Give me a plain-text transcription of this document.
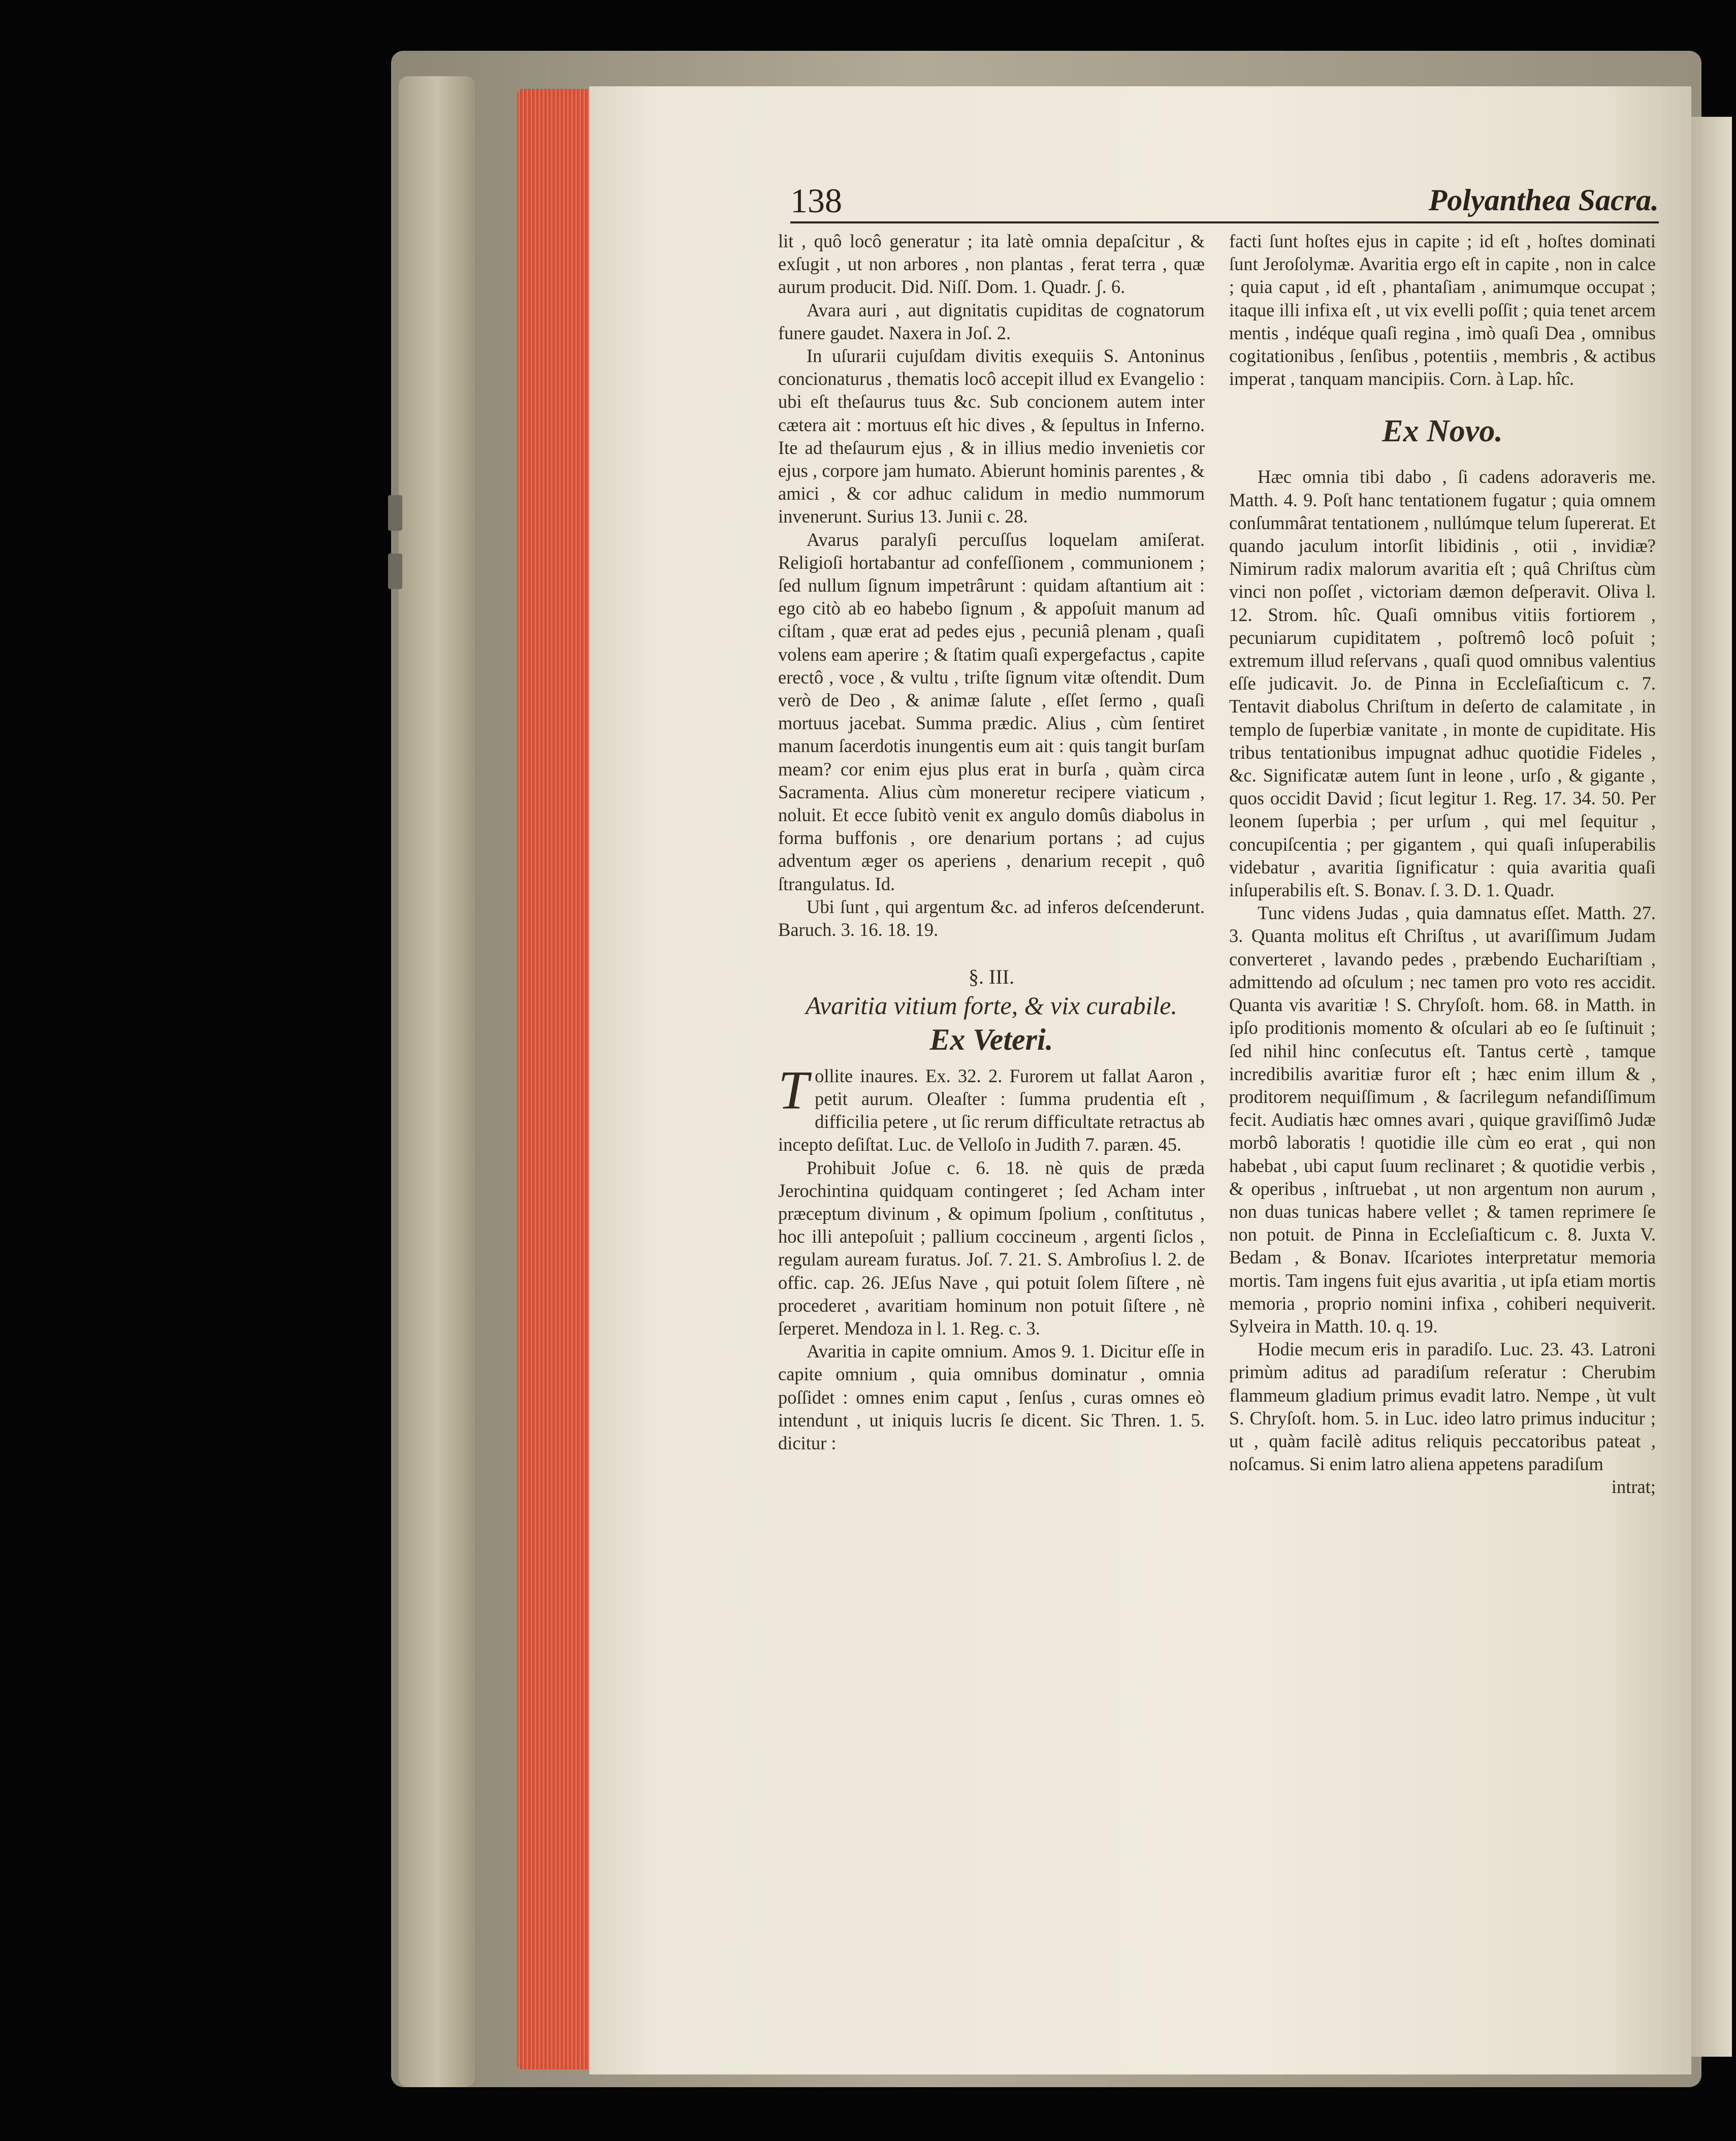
138	Polyanthea Sacra.

lit , quô locô generatur ; ita latè omnia depaſcitur , & exſugit , ut non arbores , non plantas , ferat terra , quæ aurum producit. Did. Niſſ. Dom. 1. Quadr. ʃ. 6.

Avara auri , aut dignitatis cupiditas de cognatorum funere gaudet. Naxera in Joſ. 2.

In uſurarii cujuſdam divitis exequiis S. Antoninus concionaturus , thematis locô accepit illud ex Evangelio : ubi eſt theſaurus tuus &c. Sub concionem autem inter cætera ait : mortuus eſt hic dives , & ſepultus in Inferno. Ite ad theſaurum ejus , & in illius medio invenietis cor ejus , corpore jam humato. Abierunt hominis parentes , & amici , & cor adhuc calidum in medio nummorum invenerunt. Surius 13. Junii c. 28.

Avarus paralyſi percuſſus loquelam amiſerat. Religioſi hortabantur ad confeſſionem , communionem ; ſed nullum ſignum impetrârunt : quidam aſtantium ait : ego citò ab eo habebo ſignum , & appoſuit manum ad ciſtam , quæ erat ad pedes ejus , pecuniâ plenam , quaſi volens eam aperire ; & ſtatim quaſi expergefactus , capite erectô , voce , & vultu , triſte ſignum vitæ oſtendit. Dum verò de Deo , & animæ ſalute , eſſet ſermo , quaſi mortuus jacebat. Summa prædic. Alius , cùm ſentiret manum ſacerdotis inungentis eum ait : quis tangit burſam meam? cor enim ejus plus erat in burſa , quàm circa Sacramenta. Alius cùm moneretur recipere viaticum , noluit. Et ecce ſubitò venit ex angulo domûs diabolus in forma buffonis , ore denarium portans ; ad cujus adventum æger os aperiens , denarium recepit , quô ſtrangulatus. Id.

Ubi ſunt , qui argentum &c. ad inferos deſcenderunt. Baruch. 3. 16. 18. 19.

§. III.
Avaritia vitium forte, & vix curabile.
Ex Veteri.

Tollite inaures. Ex. 32. 2. Furorem ut fallat Aaron , petit aurum. Oleaſter : ſumma prudentia eſt , difficilia petere , ut ſic rerum difficultate retractus ab incepto deſiſtat. Luc. de Velloſo in Judith 7. paræn. 45.

Prohibuit Joſue c. 6. 18. nè quis de præda Jerochintina quidquam contingeret ; ſed Acham inter præceptum divinum , & opimum ſpolium , conſtitutus , hoc illi antepoſuit ; pallium coccineum , argenti ſiclos , regulam auream furatus. Joſ. 7. 21. S. Ambroſius l. 2. de offic. cap. 26. JEſus Nave , qui potuit ſolem ſiſtere , nè procederet , avaritiam hominum non potuit ſiſtere , nè ſerperet. Mendoza in l. 1. Reg. c. 3.

Avaritia in capite omnium. Amos 9. 1. Dicitur eſſe in capite omnium , quia omnibus dominatur , omnia poſſidet : omnes enim caput , ſenſus , curas omnes eò intendunt , ut iniquis lucris ſe dicent. Sic Thren. 1. 5. dicitur :

facti ſunt hoſtes ejus in capite ; id eſt , hoſtes dominati ſunt Jeroſolymæ. Avaritia ergo eſt in capite , non in calce ; quia caput , id eſt , phantaſiam , animumque occupat ; itaque illi infixa eſt , ut vix evelli poſſit ; quia tenet arcem mentis , indéque quaſi regina , imò quaſi Dea , omnibus cogitationibus , ſenſibus , potentiis , membris , & actibus imperat , tanquam mancipiis. Corn. à Lap. hîc.

Ex Novo.

Hæc omnia tibi dabo , ſi cadens adoraveris me. Matth. 4. 9. Poſt hanc tentationem fugatur ; quia omnem conſummârat tentationem , nullúmque telum ſupererat. Et quando jaculum intorſit libidinis , otii , invidiæ? Nimirum radix malorum avaritia eſt ; quâ Chriſtus cùm vinci non poſſet , victoriam dæmon deſperavit. Oliva l. 12. Strom. hîc. Quaſi omnibus vitiis fortiorem , pecuniarum cupiditatem , poſtremô locô poſuit ; extremum illud reſervans , quaſi quod omnibus valentius eſſe judicavit. Jo. de Pinna in Eccleſiaſticum c. 7. Tentavit diabolus Chriſtum in deſerto de calamitate , in templo de ſuperbiæ vanitate , in monte de cupiditate. His tribus tentationibus impugnat adhuc quotidie Fideles , &c. Significatæ autem ſunt in leone , urſo , & gigante , quos occidit David ; ſicut legitur 1. Reg. 17. 34. 50. Per leonem ſuperbia ; per urſum , qui mel ſequitur , concupiſcentia ; per gigantem , qui quaſi inſuperabilis videbatur , avaritia ſignificatur : quia avaritia quaſi inſuperabilis eſt. S. Bonav. ſ. 3. D. 1. Quadr.

Tunc videns Judas , quia damnatus eſſet. Matth. 27. 3. Quanta molitus eſt Chriſtus , ut avariſſimum Judam converteret , lavando pedes , præbendo Euchariſtiam , admittendo ad oſculum ; nec tamen pro voto res accidit. Quanta vis avaritiæ ! S. Chryſoſt. hom. 68. in Matth. in ipſo proditionis momento & oſculari ab eo ſe ſuſtinuit ; ſed nihil hinc conſecutus eſt. Tantus certè , tamque incredibilis avaritiæ furor eſt ; hæc enim illum & , proditorem nequiſſimum , & ſacrilegum nefandiſſimum fecit. Audiatis hæc omnes avari , quique graviſſimô Judæ morbô laboratis ! quotidie ille cùm eo erat , qui non habebat , ubi caput ſuum reclinaret ; & quotidie verbis , & operibus , inſtruebat , ut non argentum non aurum , non duas tunicas habere vellet ; & tamen reprimere ſe non potuit. de Pinna in Eccleſiaſticum c. 8. Juxta V. Bedam , & Bonav. Iſcariotes interpretatur memoria mortis. Tam ingens fuit ejus avaritia , ut ipſa etiam mortis memoria , proprio nomini infixa , cohiberi nequiverit. Sylveira in Matth. 10. q. 19.

Hodie mecum eris in paradiſo. Luc. 23. 43. Latroni primùm aditus ad paradiſum reſeratur : Cherubim flammeum gladium primus evadit latro. Nempe , ùt vult S. Chryſoſt. hom. 5. in Luc. ideo latro primus inducitur ; ut , quàm facilè aditus reliquis peccatoribus pateat , noſcamus. Si enim latro aliena appetens paradiſum

intrat;
